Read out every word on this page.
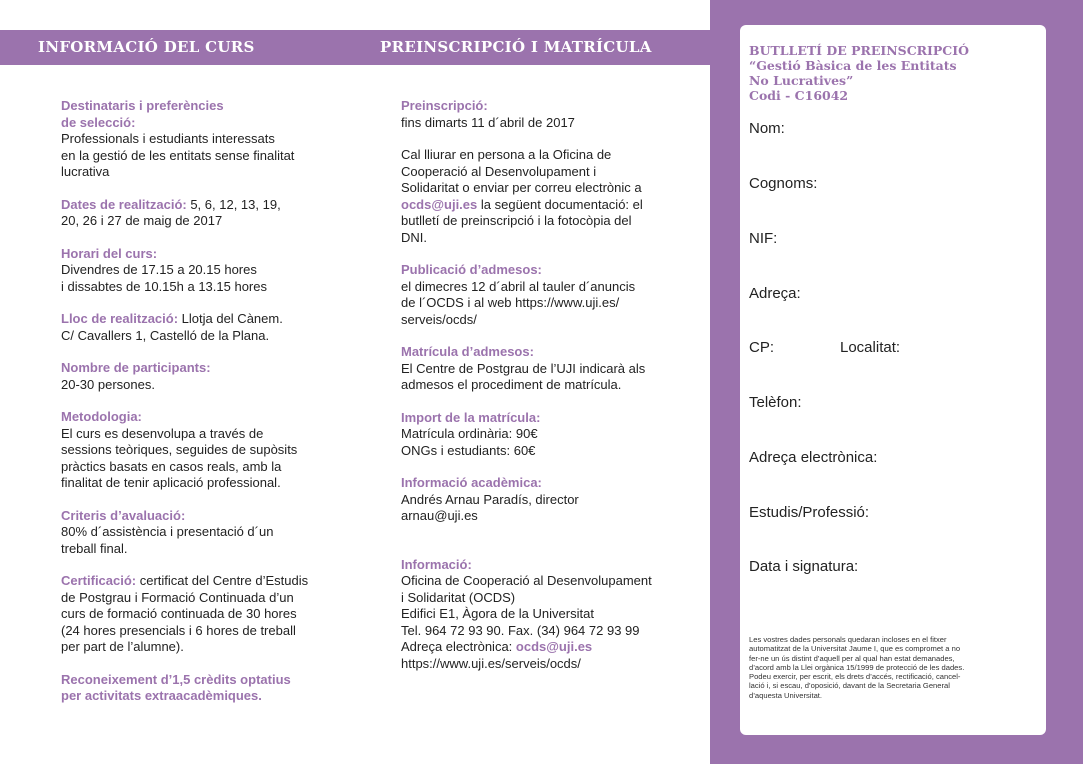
INFORMACIÓ DEL CURS	PREINSCRIPCIÓ I MATRÍCULA
Destinataris i preferències
de selecció:
Professionals i estudiants interessats
en la gestió de les entitats sense finalitat
lucrativa
Dates de realització: 5, 6, 12, 13, 19,
20, 26 i 27 de maig de 2017
Horari del curs:
Divendres de 17.15 a 20.15 hores
i dissabtes de 10.15h a 13.15 hores
Lloc de realització: Llotja del Cànem.
C/ Cavallers 1, Castelló de la Plana.
Nombre de participants:
20-30 persones.
Metodologia:
El curs es desenvolupa a través de
sessions teòriques, seguides de supòsits
pràctics basats en casos reals, amb la
finalitat de tenir aplicació professional.
Criteris d’avaluació:
80% d´assistència i presentació d´un
treball final.
Certificació: certificat del Centre d’Estudis
de Postgrau i Formació Continuada d’un
curs de formació continuada de 30 hores
(24 hores presencials i 6 hores de treball
per part de l’alumne).
Reconeixement d’1,5 crèdits optatius
per activitats extraacadèmiques.
Preinscripció:
fins dimarts 11 d´abril de 2017
Cal lliurar en persona a la Oficina de
Cooperació al Desenvolupament i
Solidaritat o enviar per correu electrònic a
ocds@uji.es la següent documentació: el
butlletí de preinscripció i la fotocòpia del
DNI.
Publicació d’admesos:
el dimecres 12 d´abril al tauler d´anuncis
de l´OCDS i al web https://www.uji.es/
serveis/ocds/
Matrícula d’admesos:
El Centre de Postgrau de l’UJI indicarà als
admesos el procediment de matrícula.
Import de la matrícula:
Matrícula ordinària: 90€
ONGs i estudiants: 60€
Informació acadèmica:
Andrés Arnau Paradís, director
arnau@uji.es
Informació:
Oficina de Cooperació al Desenvolupament
i Solidaritat (OCDS)
Edifici E1, Àgora de la Universitat
Tel. 964 72 93 90. Fax. (34) 964 72 93 99
Adreça electrònica: ocds@uji.es
https://www.uji.es/serveis/ocds/
BUTLLETÍ DE PREINSCRIPCIÓ
“Gestió Bàsica de les Entitats
No Lucratives”
Codi - C16042
Nom:
Cognoms:
NIF:
Adreça:
CP:	Localitat:
Telèfon:
Adreça electrònica:
Estudis/Professió:
Data i signatura:
Les vostres dades personals quedaran incloses en el fitxer
automatitzat de la Universitat Jaume I, que es compromet a no
fer-ne un ús distint d’aquell per al qual han estat demanades,
d’acord amb la Llei orgànica 15/1999 de protecció de les dades.
Podeu exercir, per escrit, els drets d’accés, rectificació, cancel-
lació i, si escau, d’oposició, davant de la Secretaria General
d’aquesta Universitat.
